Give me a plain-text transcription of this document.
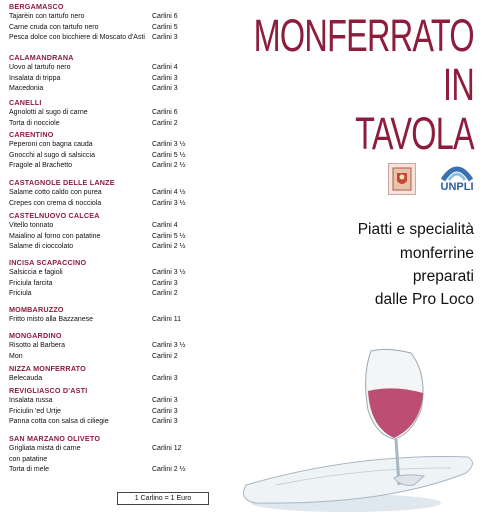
BERGAMASCO
Tajarèin con tartufo nero	Carlini 6
Carne cruda con tartufo nero	Carlini 5
Pesca dolce con bicchiere di Moscato d'Asti Carlini 3
CALAMANDRANA
Uovo al tartufo nero	Carlini 4
Insalata di trippa	Carlini 3
Macedonia	Carlini 3
CANELLI
Agnolotti al sugo di carne	Carlini 6
Torta di nocciole	Carlini 2
CARENTINO
Peperoni con bagna cauda	Carlini 3 ½
Gnocchi al sugo di salsiccia	Carlini 5 ½
Fragole al Brachetto	Carlini 2 ½
CASTAGNOLE DELLE LANZE
Salame cotto caldo con purea	Carlini 4 ½
Crepes con crema di nocciola	Carlini 3 ½
CASTELNUOVO CALCEA
Vitello tonnato	Carlini 4
Maialino al forno con patatine	Carlini 5 ½
Salame di cioccolato	Carlini 2 ½
INCISA SCAPACCINO
Salsiccia e fagioli	Carlini 3 ½
Friciula farcita	Carlini 3
Friciula	Carlini 2
MOMBARUZZO
Fritto misto alla Bazzanese	Carlini 11
MONGARDINO
Risotto al Barbera	Carlini 3 ½
Mon	Carlini 2
NIZZA MONFERRATO
Belecauda	Carlini 3
REVIGLIASCO D'ASTI
Insalata russa	Carlini 3
Friciulin 'ed Urtje	Carlini 3
Panna cotta con salsa di ciliegie	Carlini 3
SAN MARZANO OLIVETO
Grigliata mista di carne	Carlini 12
con patatine
Torta di mele	Carlini 2 ½
1 Carlino = 1 Euro
MONFERRATO
IN
TAVOLA
UNPLI
Piatti e specialità
monferrine
preparati
dalle Pro Loco
